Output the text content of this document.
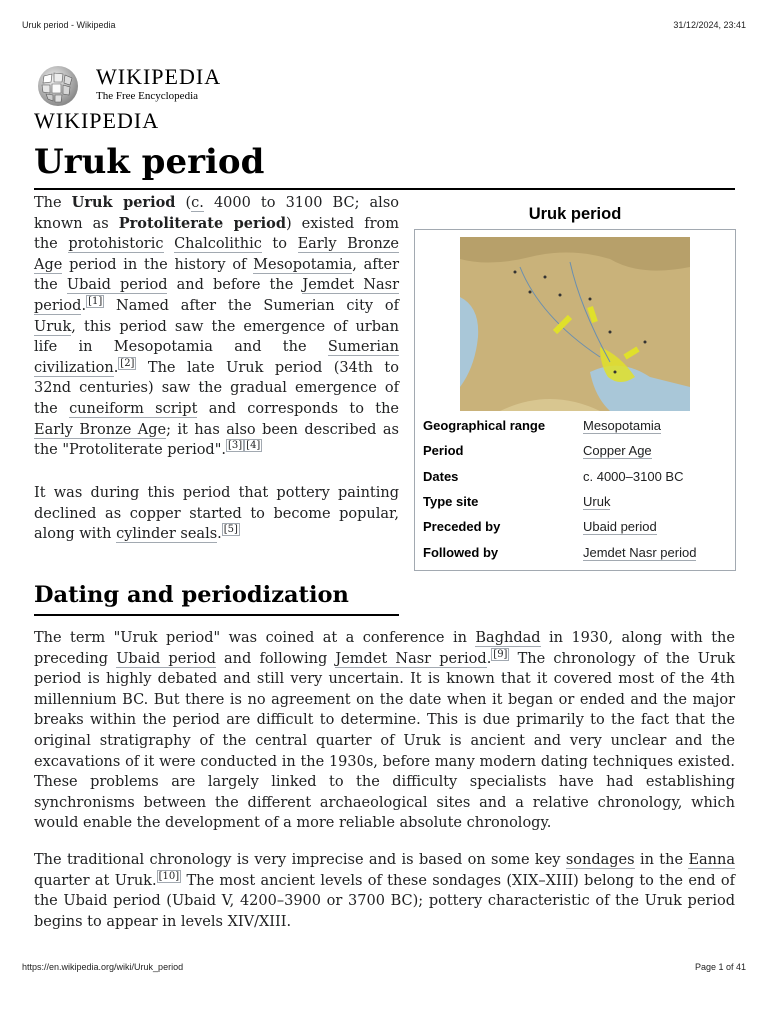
Uruk period - Wikipedia	31/12/2024, 23:41
WIKIPEDIA
The Free Encyclopedia
WIKIPEDIA
Uruk period

The Uruk period (c. 4000 to 3100 BC; also known as Protoliterate period) existed from the protohistoric Chalcolithic to Early Bronze Age period in the history of Mesopotamia, after the Ubaid period and before the Jemdet Nasr period. [1] Named after the Sumerian city of Uruk, this period saw the emergence of urban life in Mesopotamia and the Sumerian civilization. [2] The late Uruk period (34th to 32nd centuries) saw the gradual emergence of the cuneiform script and corresponds to the Early Bronze Age; it has also been described as the "Protoliterate period". [3] [4]

It was during this period that pottery painting declined as copper started to become popular, along with cylinder seals. [5]

Uruk period
Geographical range	Mesopotamia
Period	Copper Age
Dates	c. 4000–3100 BC
Type site	Uruk
Preceded by	Ubaid period
Followed by	Jemdet Nasr period
Dating and periodization

The term "Uruk period" was coined at a conference in Baghdad in 1930, along with the preceding Ubaid period and following Jemdet Nasr period. [9] The chronology of the Uruk period is highly debated and still very uncertain. It is known that it covered most of the 4th millennium BC. But there is no agreement on the date when it began or ended and the major breaks within the period are difficult to determine. This is due primarily to the fact that the original stratigraphy of the central quarter of Uruk is ancient and very unclear and the excavations of it were conducted in the 1930s, before many modern dating techniques existed. These problems are largely linked to the difficulty specialists have had establishing synchronisms between the different archaeological sites and a relative chronology, which would enable the development of a more reliable absolute chronology.

The traditional chronology is very imprecise and is based on some key sondages in the Eanna quarter at Uruk. [10] The most ancient levels of these sondages (XIX–XIII) belong to the end of the Ubaid period (Ubaid V, 4200–3900 or 3700 BC); pottery characteristic of the Uruk period begins to appear in levels XIV/XIII.

https://en.wikipedia.org/wiki/Uruk_period	Page 1 of 41
